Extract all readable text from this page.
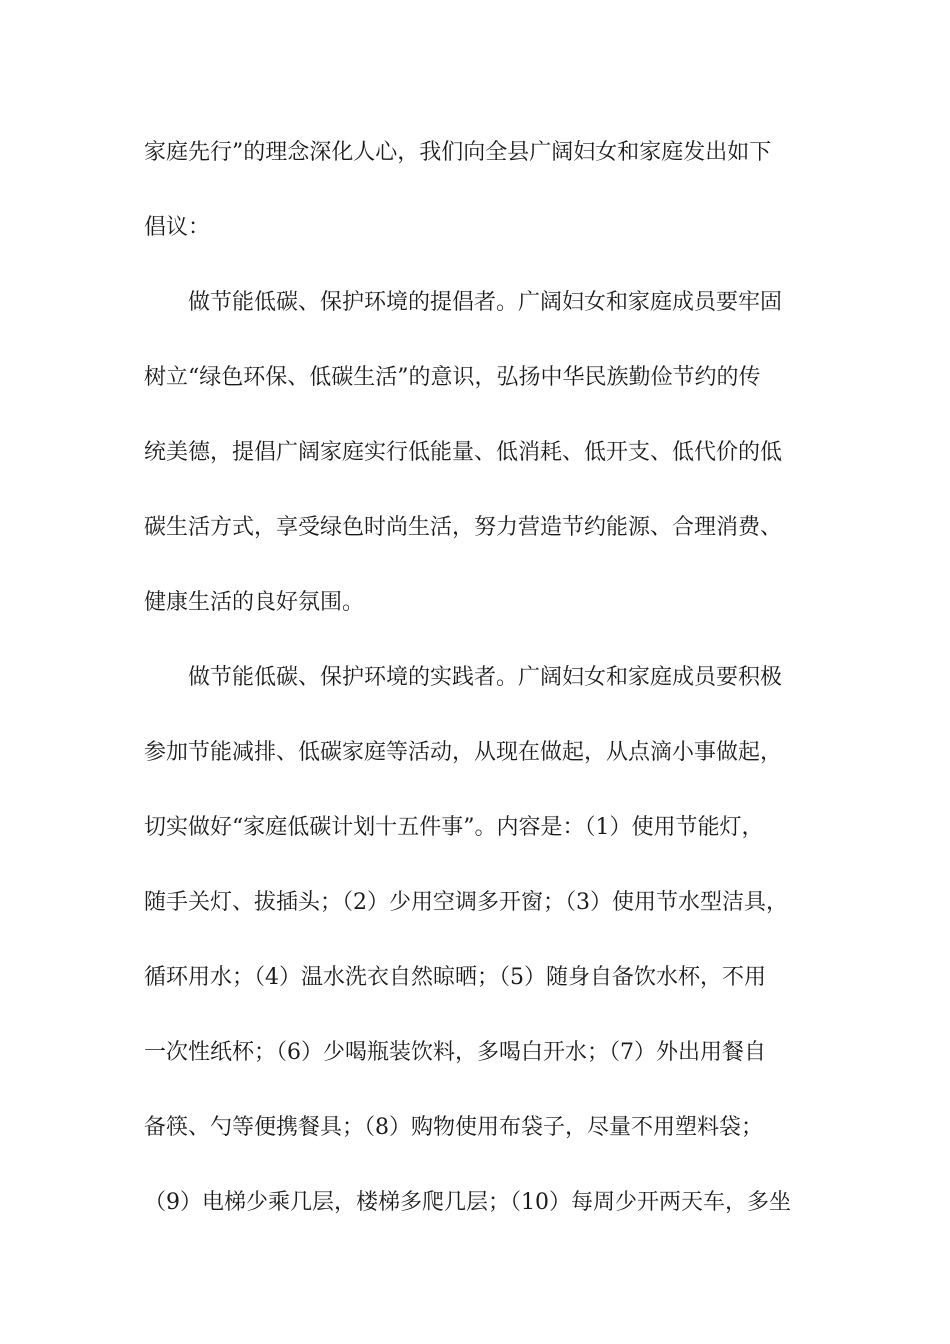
家庭先行”的理念深化人心，我们向全县广阔妇女和家庭发出如下
倡议：
　　做节能低碳、保护环境的提倡者。广阔妇女和家庭成员要牢固
树立“绿色环保、低碳生活”的意识，弘扬中华民族勤俭节约的传
统美德，提倡广阔家庭实行低能量、低消耗、低开支、低代价的低
碳生活方式，享受绿色时尚生活，努力营造节约能源、合理消费、
健康生活的良好氛围。
　　做节能低碳、保护环境的实践者。广阔妇女和家庭成员要积极
参加节能减排、低碳家庭等活动，从现在做起，从点滴小事做起，
切实做好“家庭低碳计划十五件事”。内容是：（1）使用节能灯，
随手关灯、拔插头；（2）少用空调多开窗；（3）使用节水型洁具，
循环用水；（4）温水洗衣自然晾晒；（5）随身自备饮水杯，不用
一次性纸杯；（6）少喝瓶装饮料，多喝白开水；（7）外出用餐自
备筷、勺等便携餐具；（8）购物使用布袋子，尽量不用塑料袋；
（9）电梯少乘几层，楼梯多爬几层；（10）每周少开两天车，多坐
